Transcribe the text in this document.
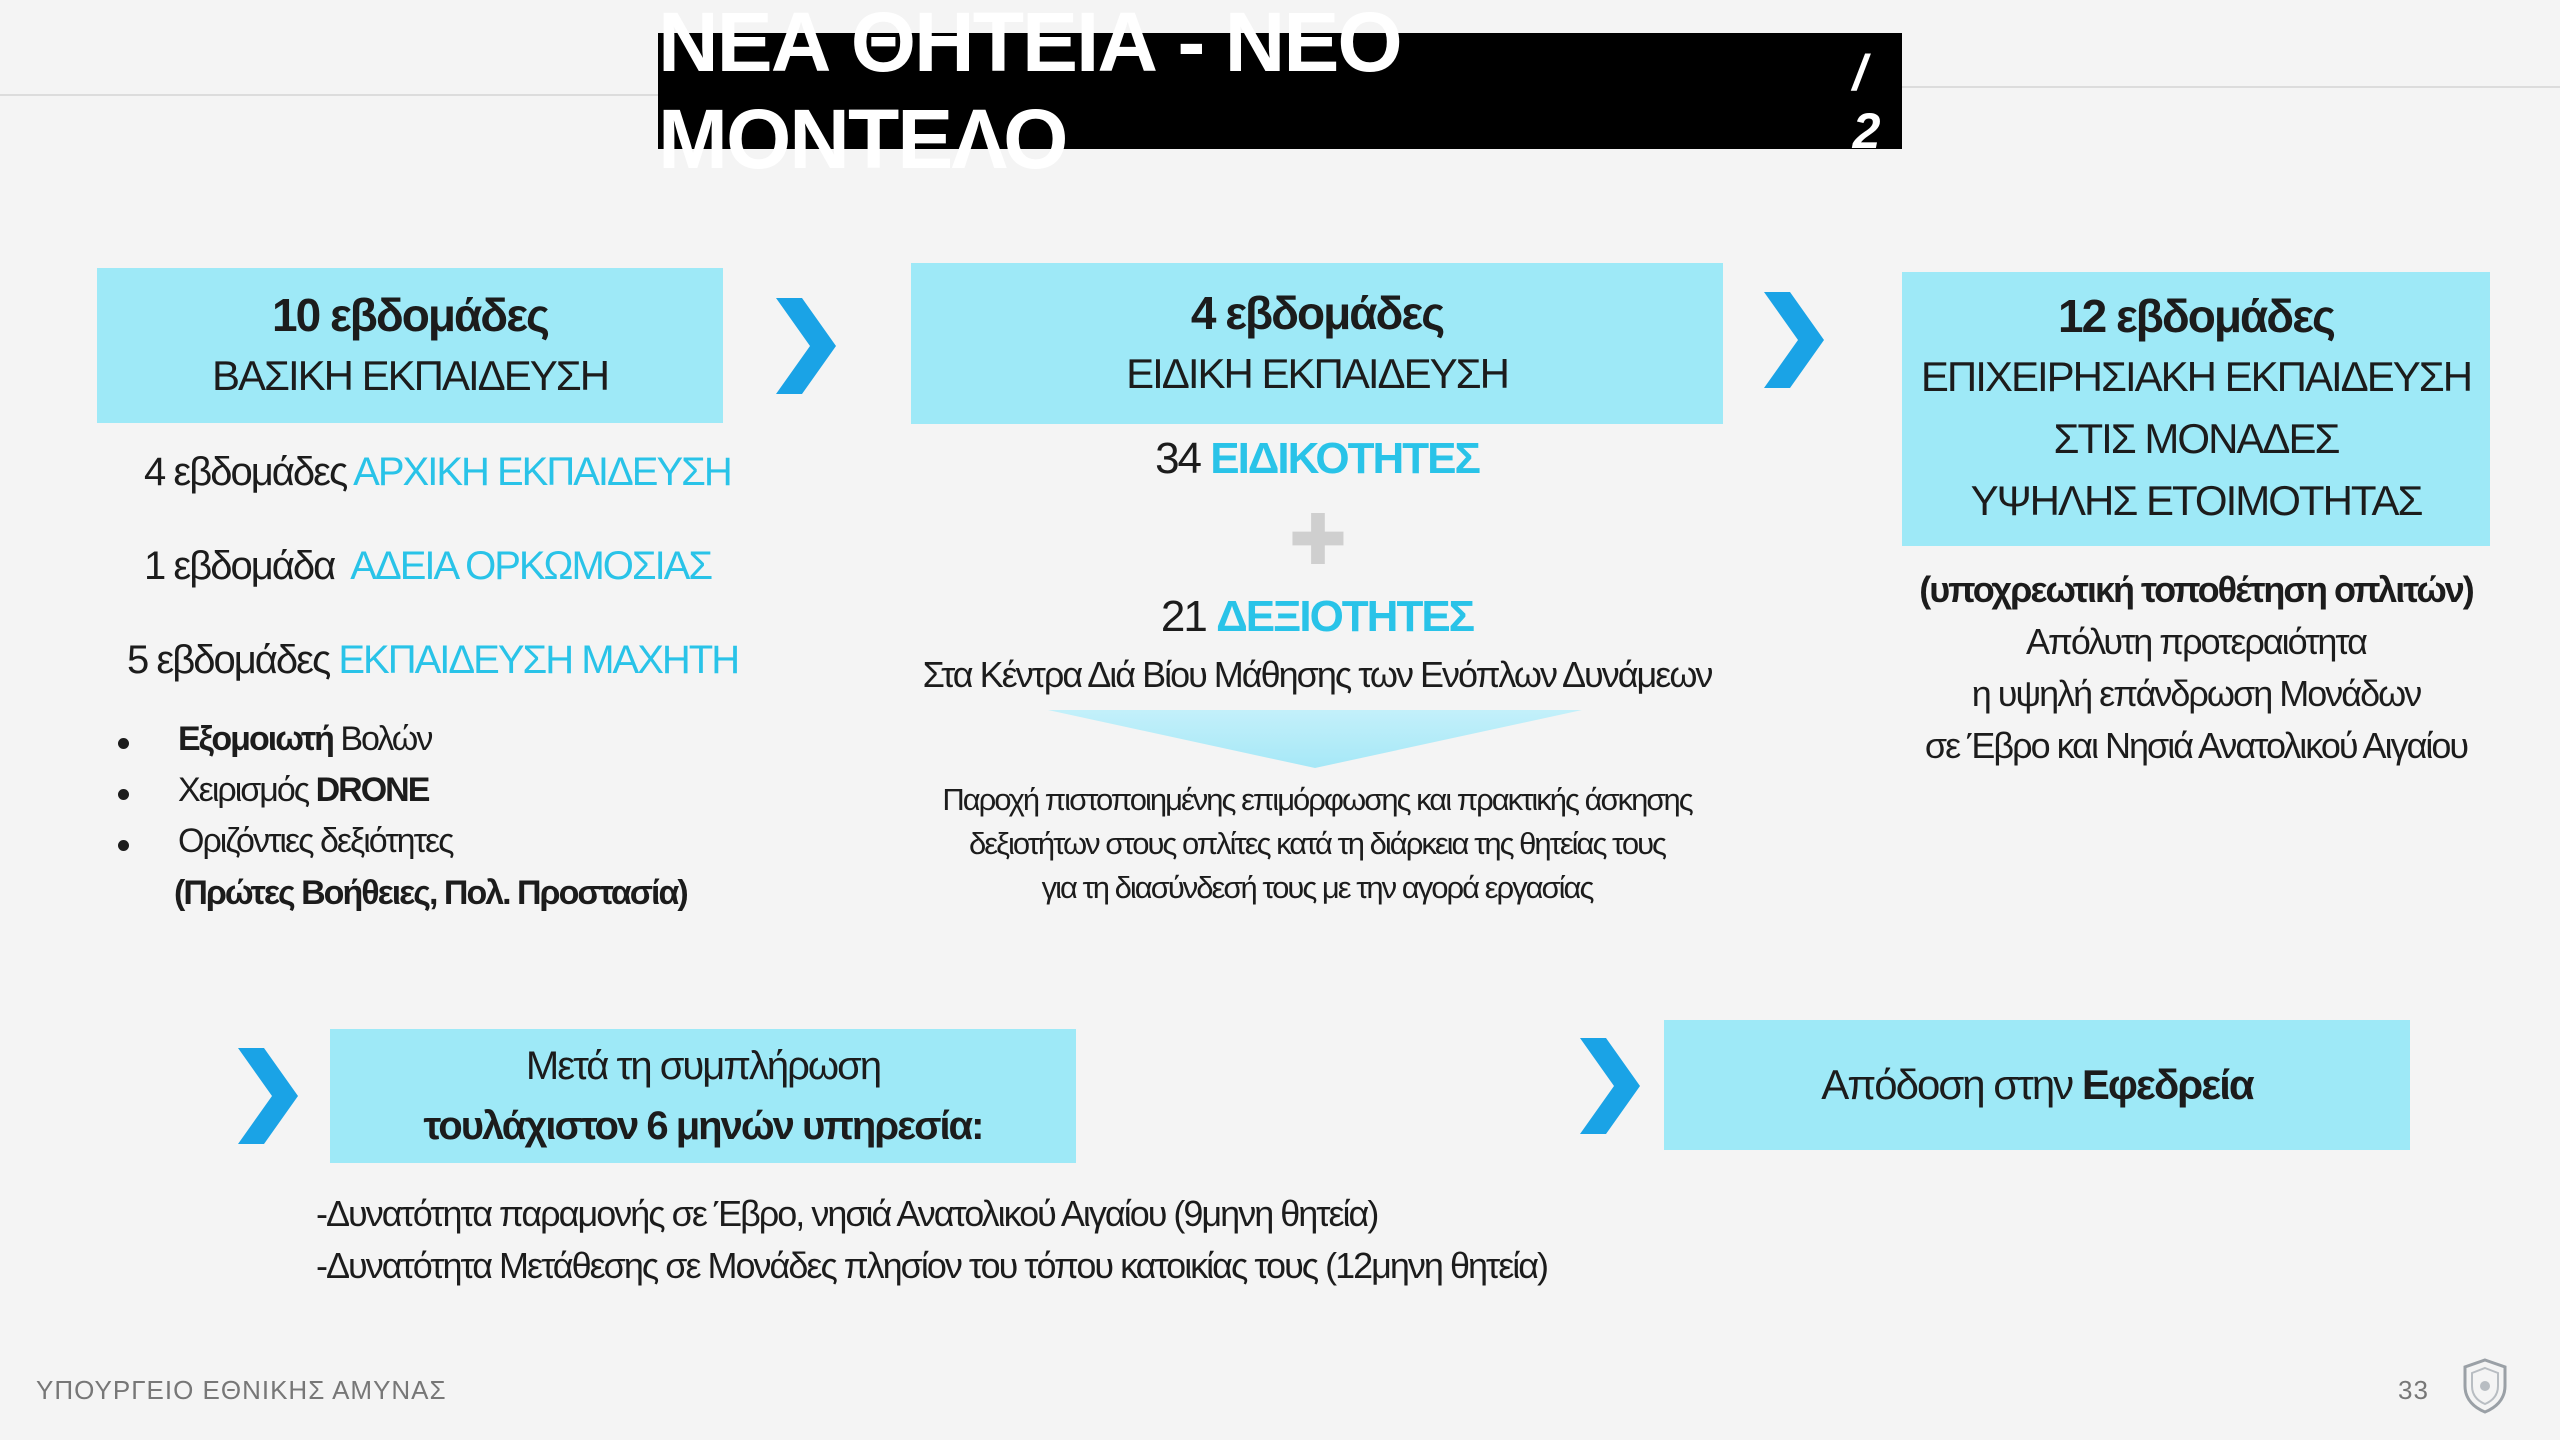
ΝΕΑ ΘΗΤΕΙΑ - ΝΕΟ ΜΟΝΤΕΛΟ
/ 2
10 εβδομάδες
ΒΑΣΙΚΗ ΕΚΠΑΙΔΕΥΣΗ
4 εβδομάδες ΑΡΧΙΚΗ ΕΚΠΑΙΔΕΥΣΗ
1 εβδομάδα  ΑΔΕΙΑ ΟΡΚΩΜΟΣΙΑΣ
5 εβδομάδες ΕΚΠΑΙΔΕΥΣΗ ΜΑΧΗΤΗ
Εξομοιωτή Βολών
Χειρισμός DRONE
Οριζόντιες δεξιότητες
(Πρώτες Βοήθειες, Πολ. Προστασία)
4 εβδομάδες
ΕΙΔΙΚΗ ΕΚΠΑΙΔΕΥΣΗ
34 ΕΙΔΙΚΟΤΗΤΕΣ
✚
21 ΔΕΞΙΟΤΗΤΕΣ
Στα Κέντρα Διά Βίου Μάθησης των Ενόπλων Δυνάμεων
Παροχή πιστοποιημένης επιμόρφωσης και πρακτικής άσκησης
δεξιοτήτων στους οπλίτες κατά τη διάρκεια της θητείας τους
για τη διασύνδεσή τους με την αγορά εργασίας
12 εβδομάδες
ΕΠΙΧΕΙΡΗΣΙΑΚΗ ΕΚΠΑΙΔΕΥΣΗ
ΣΤΙΣ ΜΟΝΑΔΕΣ
ΥΨΗΛΗΣ ΕΤΟΙΜΟΤΗΤΑΣ
(υποχρεωτική τοποθέτηση οπλιτών)
Απόλυτη προτεραιότητα
η υψηλή επάνδρωση Μονάδων
σε Έβρο και Νησιά Ανατολικού Αιγαίου
Μετά τη συμπλήρωση
τουλάχιστον 6 μηνών υπηρεσία:
-Δυνατότητα παραμονής σε Έβρο, νησιά Ανατολικού Αιγαίου (9μηνη θητεία)
-Δυνατότητα Μετάθεσης σε Μονάδες πλησίον του τόπου κατοικίας τους (12μηνη θητεία)
Απόδοση στην Εφεδρεία
ΥΠΟΥΡΓΕΙΟ ΕΘΝΙΚΗΣ ΑΜΥΝΑΣ	33
